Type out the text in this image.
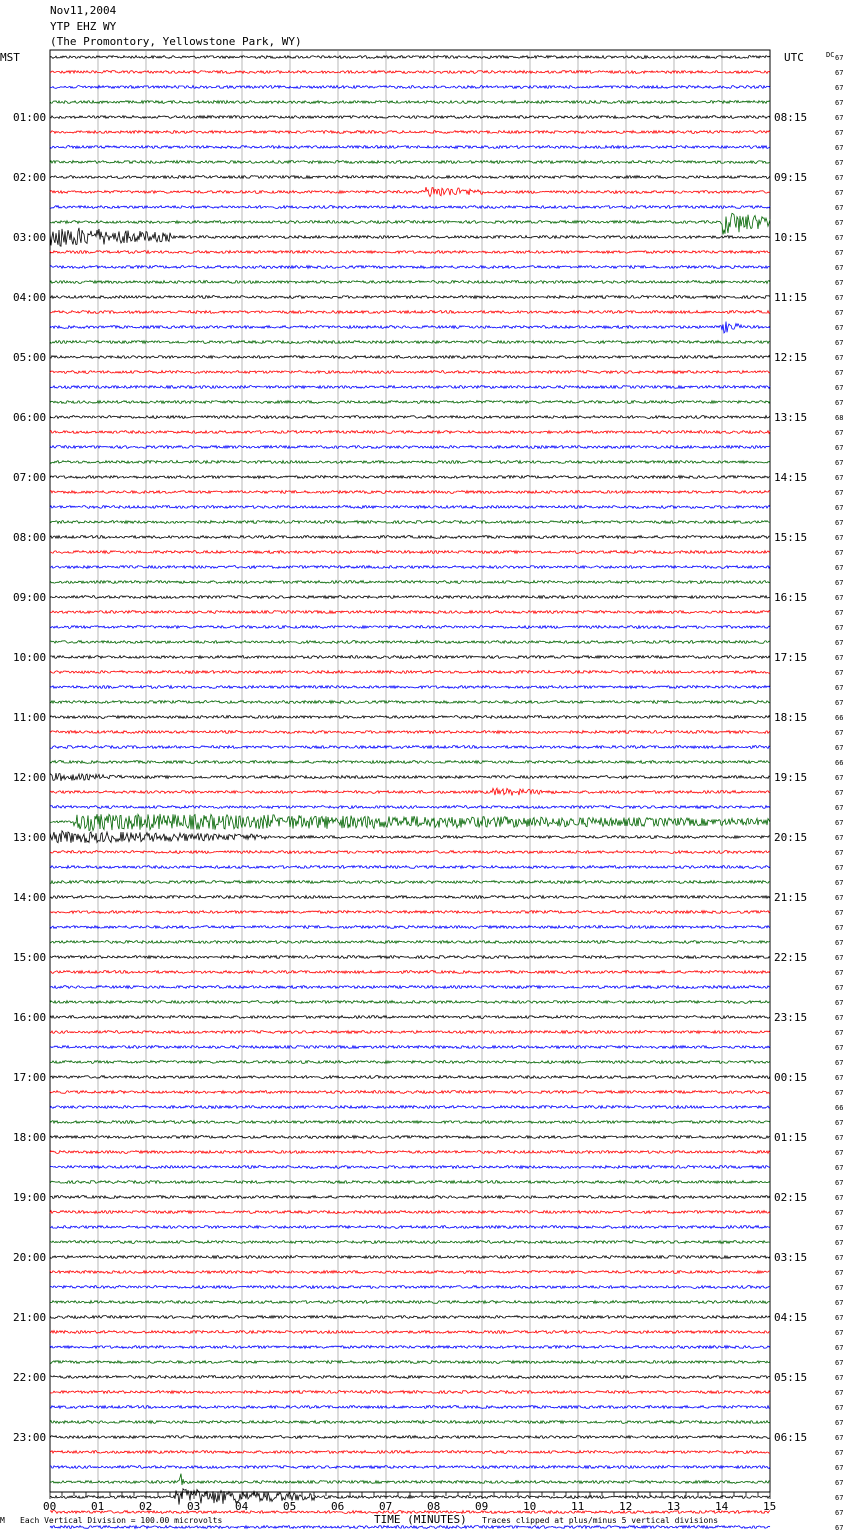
Nov11,2004
YTP EHZ WY
(The Promontory, Yellowstone Park, WY)
MST	UTC	DC
01:00
02:00
03:00
04:00
05:00
06:00
07:00
08:00
09:00
10:00
11:00
12:00
13:00
14:00
15:00
16:00
17:00
18:00
19:00
20:00
21:00
22:00
23:00
08:15
09:15
10:15
11:15
12:15
13:15
14:15
15:15
16:15
17:15
18:15
19:15
20:15
21:15
22:15
23:15
00:15
01:15
02:15
03:15
04:15
05:15
06:15
67
67
67
67
67
67
67
67
67
67
67
67
67
67
67
67
67
67
67
67
67
67
67
67
68
67
67
67
67
67
67
67
67
67
67
67
67
67
67
67
67
67
67
67
66
67
67
66
67
67
67
67
67
67
67
67
67
67
67
67
67
67
67
67
67
67
67
67
67
67
66
67
67
67
67
67
67
67
67
67
67
67
67
67
67
67
67
67
67
67
67
67
67
67
67
67
67
67
67
00	01	02	03	04	05	06	07	08	09	10	11	12	13	14	15
M Each Vertical Division = 100.00 microvolts	TIME (MINUTES) Traces clipped at plus/minus 5 vertical divisions
